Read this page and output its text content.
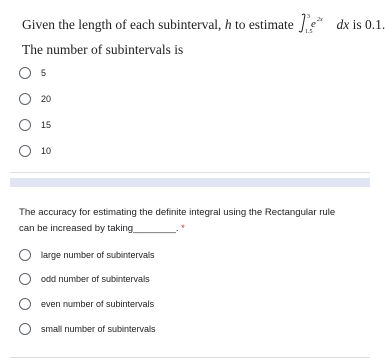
Given the length of each subinterval, h to estimate 3
1.5
e 2x dx is 0.1.
The number of subintervals is
5
20
15
10
The accuracy for estimating the definite integral using the Rectangular rule
can be increased by taking________. *
large number of subintervals
odd number of subintervals
even number of subintervals
small number of subintervals
